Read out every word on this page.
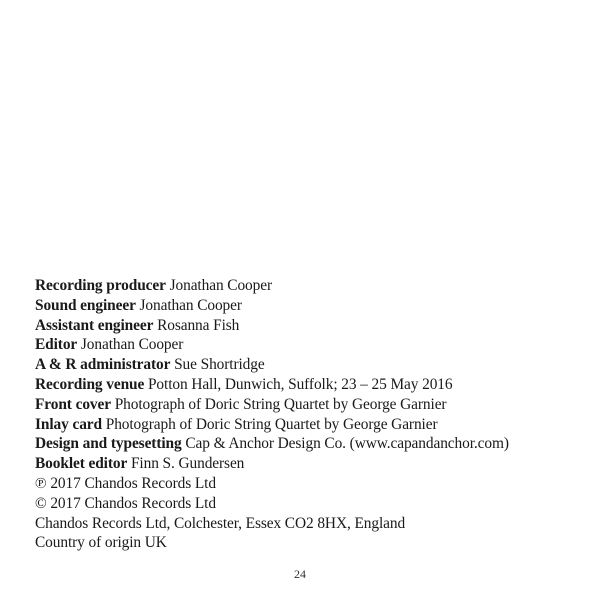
Recording producer Jonathan Cooper
Sound engineer Jonathan Cooper
Assistant engineer Rosanna Fish
Editor Jonathan Cooper
A & R administrator Sue Shortridge
Recording venue Potton Hall, Dunwich, Suffolk; 23 – 25 May 2016
Front cover Photograph of Doric String Quartet by George Garnier
Inlay card Photograph of Doric String Quartet by George Garnier
Design and typesetting Cap & Anchor Design Co. (www.capandanchor.com)
Booklet editor Finn S. Gundersen
℗ 2017 Chandos Records Ltd
© 2017 Chandos Records Ltd
Chandos Records Ltd, Colchester, Essex CO2 8HX, England
Country of origin UK
24
